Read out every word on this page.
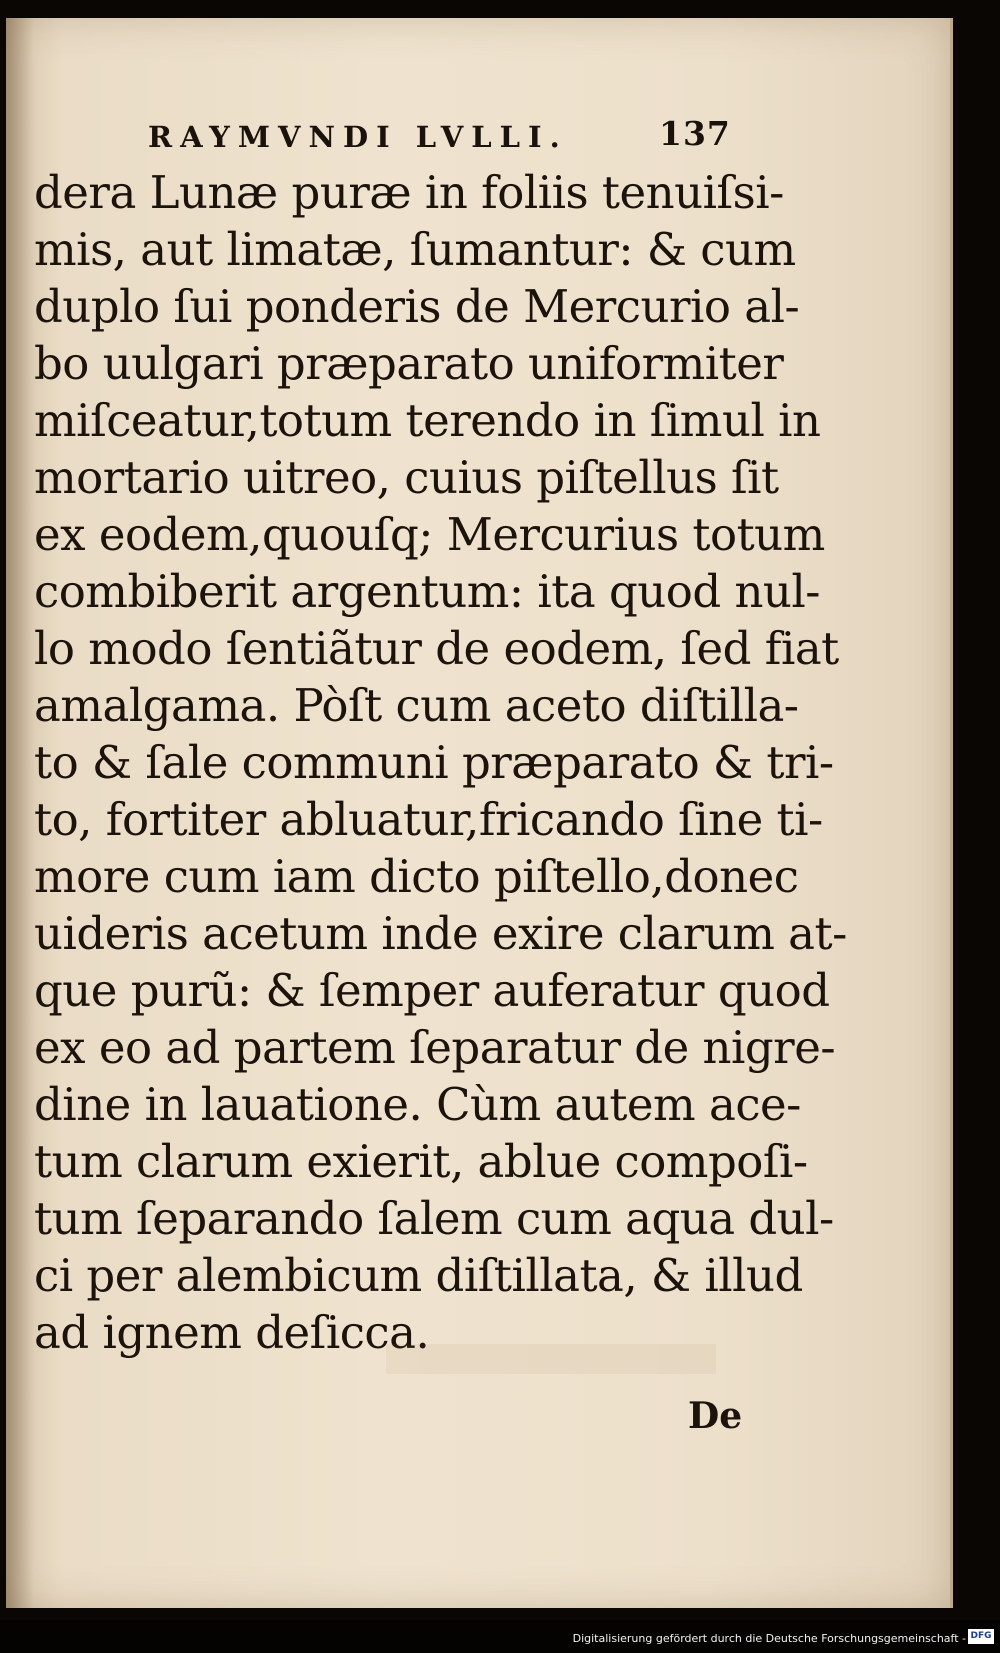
RAYMVNDI LVLLI.	137
dera Lunæ puræ in foliis tenuiſsi-
mis, aut limatæ, ſumantur: & cum
duplo ſui ponderis de Mercurio al-
bo uulgari præparato uniformiter
miſceatur,totum terendo in ſimul in
mortario uitreo, cuius piſtellus ſit
ex eodem,quouſq; Mercurius totum
combiberit argentum: ita quod nul-
lo modo ſentiãtur de eodem, ſed fiat
amalgama. Pòſt cum aceto diſtilla-
to & ſale communi præparato & tri-
to, fortiter abluatur,fricando ſine ti-
more cum iam dicto piſtello,donec
uideris acetum inde exire clarum at-
que purũ: & ſemper auferatur quod
ex eo ad partem ſeparatur de nigre-
dine in lauatione. Cùm autem ace-
tum clarum exierit, ablue compoſi-
tum ſeparando ſalem cum aqua dul-
ci per alembicum diſtillata, & illud
ad ignem deſicca.
De
Digitalisierung gefördert durch die Deutsche Forschungsgemeinschaft - DFG
